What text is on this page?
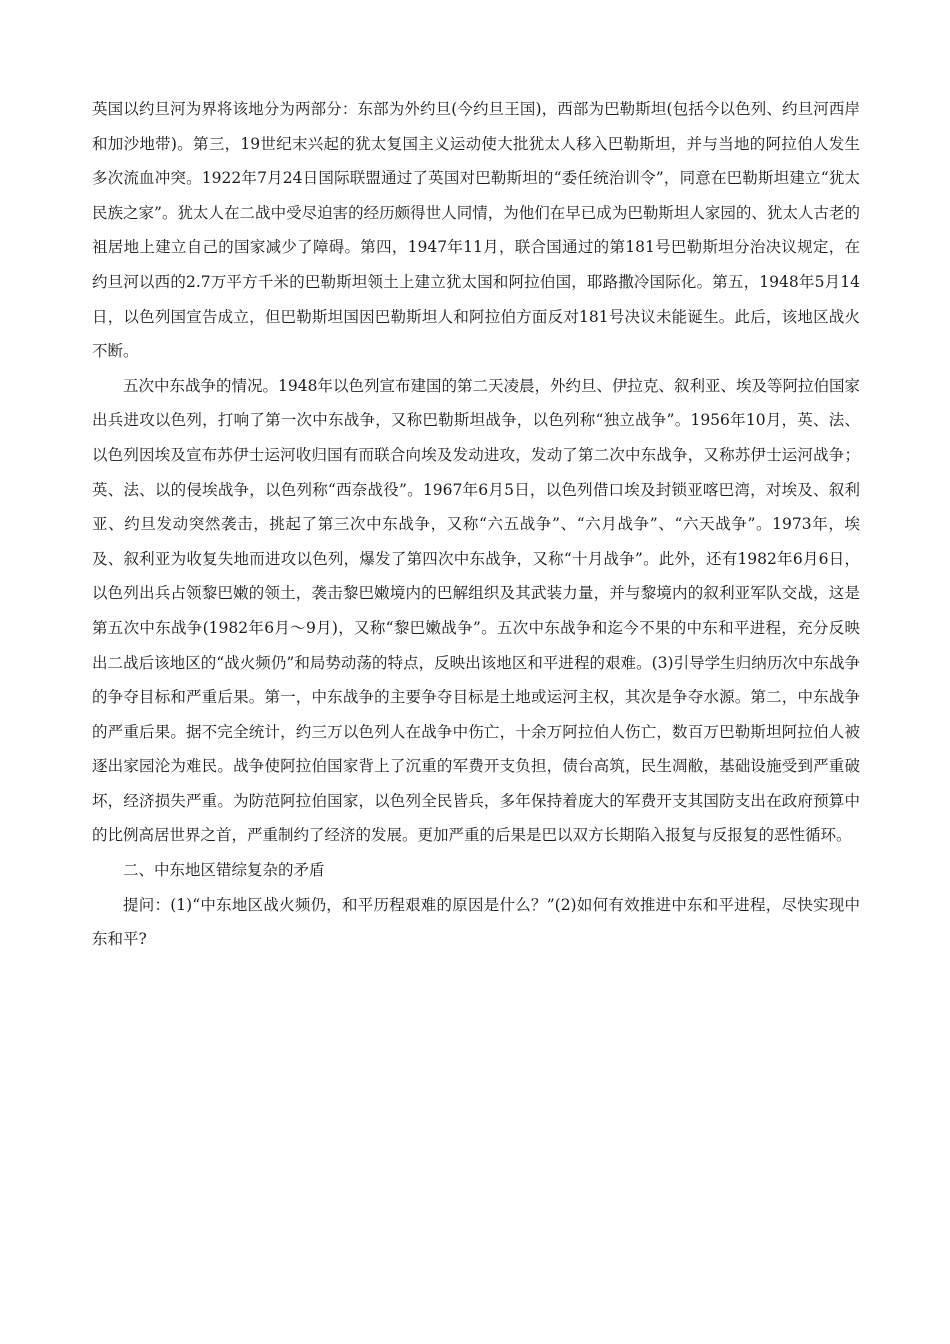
英国以约旦河为界将该地分为两部分：东部为外约旦(今约旦王国)，西部为巴勒斯坦(包括今以色列、约旦河西岸和加沙地带)。第三，19世纪末兴起的犹太复国主义运动使大批犹太人移入巴勒斯坦，并与当地的阿拉伯人发生多次流血冲突。1922年7月24日国际联盟通过了英国对巴勒斯坦的“委任统治训令”，同意在巴勒斯坦建立“犹太民族之家”。犹太人在二战中受尽迫害的经历颇得世人同情，为他们在早已成为巴勒斯坦人家园的、犹太人古老的祖居地上建立自己的国家减少了障碍。第四，1947年11月，联合国通过的第181号巴勒斯坦分治决议规定，在约旦河以西的2.7万平方千米的巴勒斯坦领土上建立犹太国和阿拉伯国，耶路撒冷国际化。第五，1948年5月14日，以色列国宣告成立，但巴勒斯坦国因巴勒斯坦人和阿拉伯方面反对181号决议未能诞生。此后，该地区战火不断。

五次中东战争的情况。1948年以色列宣布建国的第二天凌晨，外约旦、伊拉克、叙利亚、埃及等阿拉伯国家出兵进攻以色列，打响了第一次中东战争，又称巴勒斯坦战争，以色列称“独立战争”。1956年10月，英、法、以色列因埃及宣布苏伊士运河收归国有而联合向埃及发动进攻，发动了第二次中东战争，又称苏伊士运河战争；英、法、以的侵埃战争，以色列称“西奈战役”。1967年6月5日，以色列借口埃及封锁亚喀巴湾，对埃及、叙利亚、约旦发动突然袭击，挑起了第三次中东战争，又称“六五战争”、“六月战争”、“六天战争”。1973年，埃及、叙利亚为收复失地而进攻以色列，爆发了第四次中东战争，又称“十月战争”。此外，还有1982年6月6日，以色列出兵占领黎巴嫩的领土，袭击黎巴嫩境内的巴解组织及其武装力量，并与黎境内的叙利亚军队交战，这是第五次中东战争(1982年6月～9月)，又称“黎巴嫩战争”。五次中东战争和迄今不果的中东和平进程，充分反映出二战后该地区的“战火频仍”和局势动荡的特点，反映出该地区和平进程的艰难。(3)引导学生归纳历次中东战争的争夺目标和严重后果。第一，中东战争的主要争夺目标是土地或运河主权，其次是争夺水源。第二，中东战争的严重后果。据不完全统计，约三万以色列人在战争中伤亡，十余万阿拉伯人伤亡，数百万巴勒斯坦阿拉伯人被逐出家园沦为难民。战争使阿拉伯国家背上了沉重的军费开支负担，债台高筑，民生凋敝，基础设施受到严重破坏，经济损失严重。为防范阿拉伯国家，以色列全民皆兵，多年保持着庞大的军费开支其国防支出在政府预算中的比例高居世界之首，严重制约了经济的发展。更加严重的后果是巴以双方长期陷入报复与反报复的恶性循环。

二、中东地区错综复杂的矛盾

提问：(1)“中东地区战火频仍，和平历程艰难的原因是什么？”(2)如何有效推进中东和平进程，尽快实现中东和平?
